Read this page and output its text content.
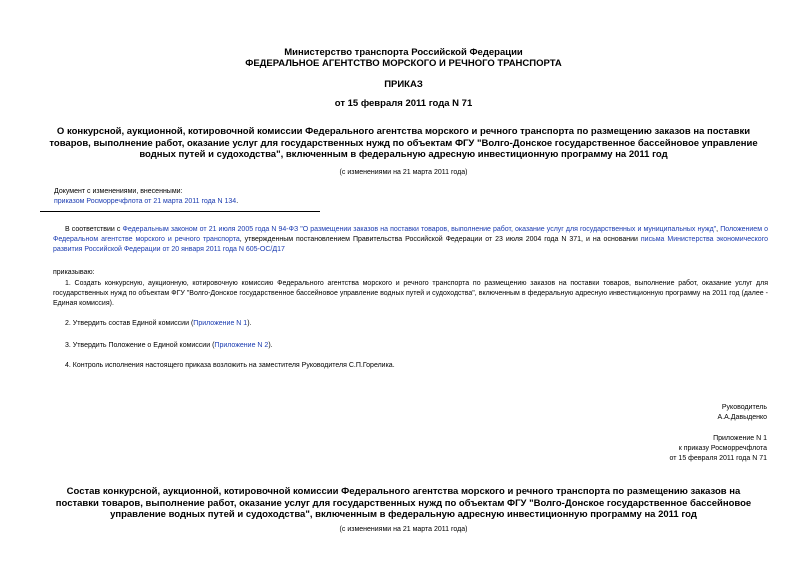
Министерство транспорта Российской Федерации
ФЕДЕРАЛЬНОЕ АГЕНТСТВО МОРСКОГО И РЕЧНОГО ТРАНСПОРТА
ПРИКАЗ
от 15 февраля 2011 года N 71
О конкурсной, аукционной, котировочной комиссии Федерального агентства морского и речного транспорта по размещению заказов на поставки товаров, выполнение работ, оказание услуг для государственных нужд по объектам ФГУ "Волго-Донское государственное бассейновое управление водных путей и судоходства", включенным в федеральную адресную инвестиционную программу на 2011 год
(с изменениями на 21 марта 2011 года)
Документ с изменениями, внесенными:
приказом Росморречфлота от 21 марта 2011 года N 134.
В соответствии с Федеральным законом от 21 июля 2005 года N 94-ФЗ "О размещении заказов на поставки товаров, выполнение работ, оказание услуг для государственных и муниципальных нужд", Положением о Федеральном агентстве морского и речного транспорта, утвержденным постановлением Правительства Российской Федерации от 23 июля 2004 года N 371, и на основании письма Министерства экономического развития Российской Федерации от 20 января 2011 года N 605-ОС/Д17
приказываю:
1. Создать конкурсную, аукционную, котировочную комиссию Федерального агентства морского и речного транспорта по размещению заказов на поставки товаров, выполнение работ, оказание услуг для государственных нужд по объектам ФГУ "Волго-Донское государственное бассейновое управление водных путей и судоходства", включенным в федеральную адресную инвестиционную программу на 2011 год (далее - Единая комиссия).
2. Утвердить состав Единой комиссии (Приложение N 1).
3. Утвердить Положение о Единой комиссии (Приложение N 2).
4. Контроль исполнения настоящего приказа возложить на заместителя Руководителя С.П.Горелика.
Руководитель
А.А.Давыденко
Приложение N 1
к приказу Росморречфлота
от 15 февраля 2011 года N 71
Состав конкурсной, аукционной, котировочной комиссии Федерального агентства морского и речного транспорта по размещению заказов на поставки товаров, выполнение работ, оказание услуг для государственных нужд по объектам ФГУ "Волго-Донское государственное бассейновое управление водных путей и судоходства", включенным в федеральную адресную инвестиционную программу на 2011 год
(с изменениями на 21 марта 2011 года)
